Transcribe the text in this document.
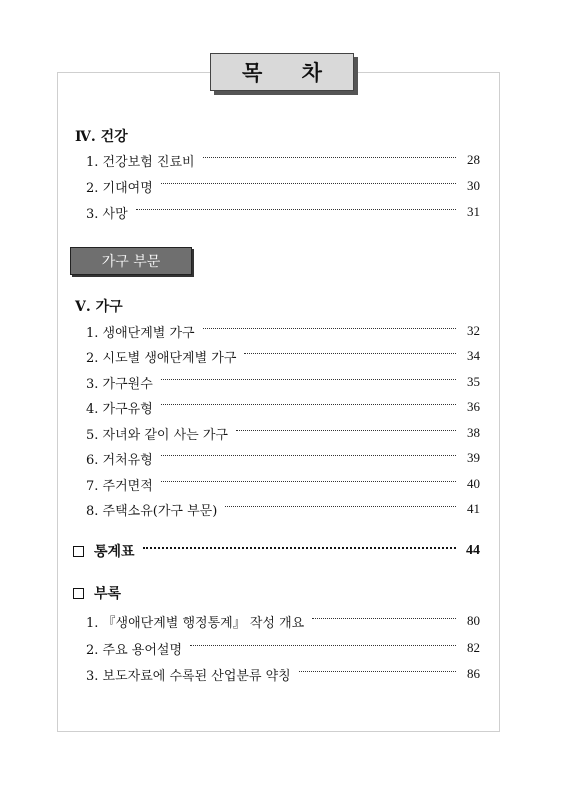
목 차
Ⅳ. 건강
1. 건강보험 진료비	28
2. 기대여명	30
3. 사망	31
가구 부문
Ⅴ. 가구
1. 생애단계별 가구	32
2. 시도별 생애단계별 가구	34
3. 가구원수	35
4. 가구유형	36
5. 자녀와 같이 사는 가구	38
6. 거처유형	39
7. 주거면적	40
8. 주택소유(가구 부문)	41
통계표	44
부록
1. 『생애단계별 행정통계』 작성 개요	80
2. 주요 용어설명	82
3. 보도자료에 수록된 산업분류 약칭	86
